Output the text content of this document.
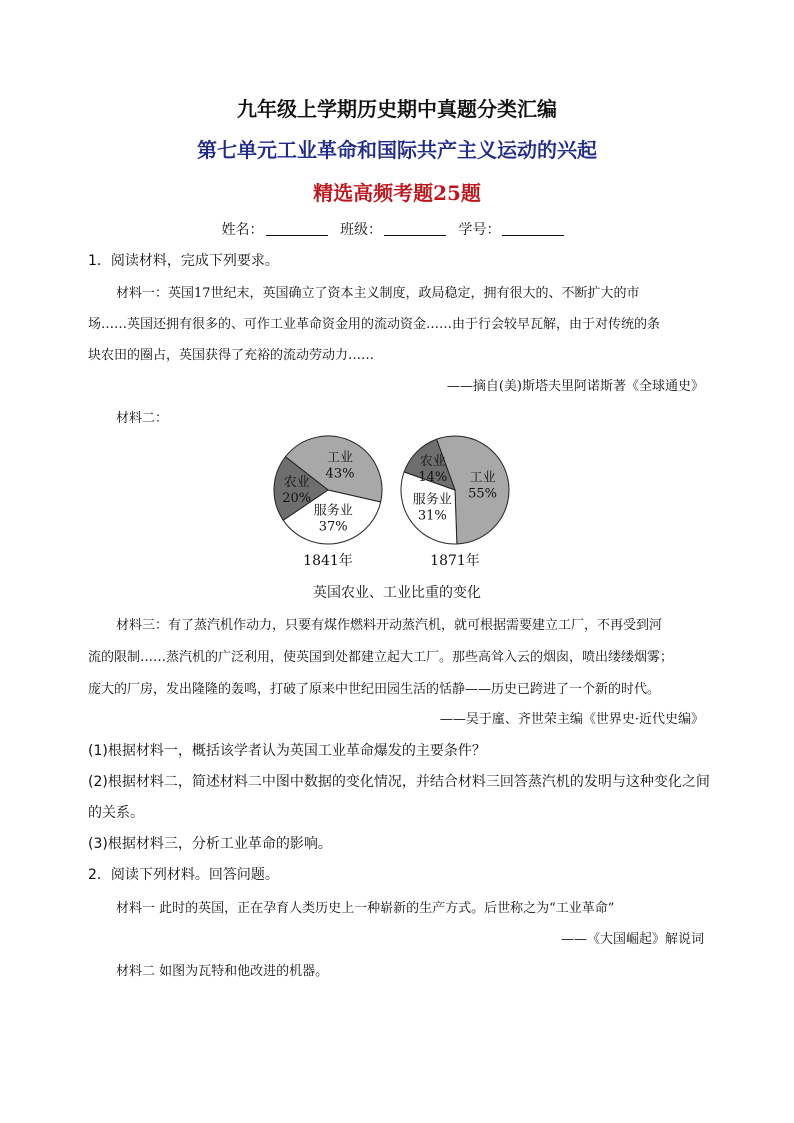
九年级上学期历史期中真题分类汇编
第七单元工业革命和国际共产主义运动的兴起
精选高频考题25题
姓名：	班级：	学号：
1．阅读材料，完成下列要求。
材料一：英国17世纪末，英国确立了资本主义制度，政局稳定，拥有很大的、不断扩大的市
场……英国还拥有很多的、可作工业革命资金用的流动资金……由于行会较早瓦解，由于对传统的条
块农田的圈占，英国获得了充裕的流动劳动力……
——摘自(美)斯塔夫里阿诺斯著《全球通史》
材料二：
工业
43%
服务业
37%
农业
20%
1841年
工业
55%
服务业
31%
农业
14%
1871年
英国农业、工业比重的变化
材料三：有了蒸汽机作动力，只要有煤作燃料开动蒸汽机，就可根据需要建立工厂，不再受到河
流的限制……蒸汽机的广泛利用，使英国到处都建立起大工厂。那些高耸入云的烟囱，喷出缕缕烟雾；
庞大的厂房，发出隆隆的轰鸣，打破了原来中世纪田园生活的恬静——历史已跨进了一个新的时代。
——吴于廑、齐世荣主编《世界史·近代史编》
(1)根据材料一，概括该学者认为英国工业革命爆发的主要条件？
(2)根据材料二，简述材料二中图中数据的变化情况，并结合材料三回答蒸汽机的发明与这种变化之间
的关系。
(3)根据材料三，分析工业革命的影响。
2．阅读下列材料。回答问题。
材料一 此时的英国，正在孕育人类历史上一种崭新的生产方式。后世称之为“工业革命”
——《大国崛起》解说词
材料二 如图为瓦特和他改进的机器。
